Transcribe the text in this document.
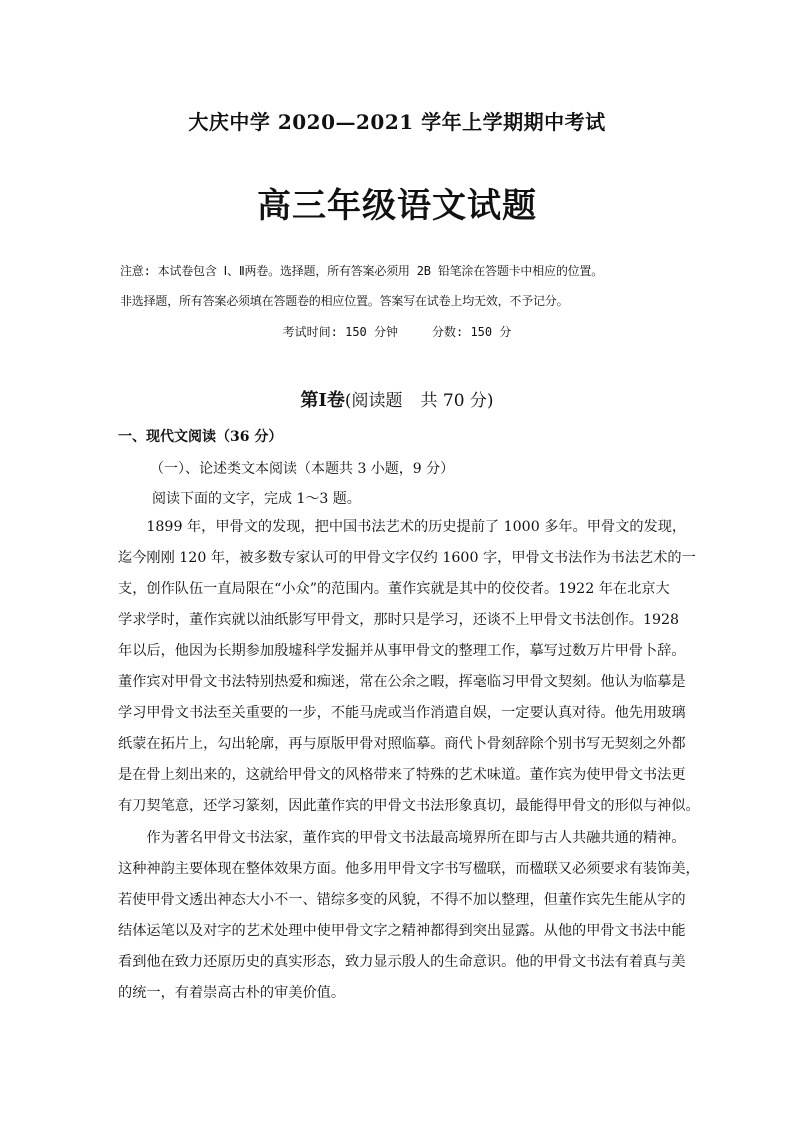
大庆中学 2020—2021 学年上学期期中考试
高三年级语文试题
注意: 本试卷包含 Ⅰ、Ⅱ两卷。选择题，所有答案必须用 2B 铅笔涂在答题卡中相应的位置。
非选择题，所有答案必须填在答题卷的相应位置。答案写在试卷上均无效，不予记分。
考试时间: 150 分钟	分数: 150 分
第Ⅰ卷(阅读题 共 70 分)
一、现代文阅读（36 分）
（一）、论述类文本阅读（本题共 3 小题，9 分）
阅读下面的文字，完成 1～3 题。
　　1899 年，甲骨文的发现，把中国书法艺术的历史提前了 1000 多年。甲骨文的发现，
迄今刚刚 120 年，被多数专家认可的甲骨文字仅约 1600 字，甲骨文书法作为书法艺术的一
支，创作队伍一直局限在“小众”的范围内。董作宾就是其中的佼佼者。1922 年在北京大
学求学时，董作宾就以油纸影写甲骨文，那时只是学习，还谈不上甲骨文书法创作。1928
年以后，他因为长期参加殷墟科学发掘并从事甲骨文的整理工作，摹写过数万片甲骨卜辞。
董作宾对甲骨文书法特别热爱和痴迷，常在公余之暇，挥毫临习甲骨文契刻。他认为临摹是
学习甲骨文书法至关重要的一步，不能马虎或当作消遣自娱，一定要认真对待。他先用玻璃
纸蒙在拓片上，勾出轮廓，再与原版甲骨对照临摹。商代卜骨刻辞除个别书写无契刻之外都
是在骨上刻出来的，这就给甲骨文的风格带来了特殊的艺术味道。董作宾为使甲骨文书法更
有刀契笔意，还学习篆刻，因此董作宾的甲骨文书法形象真切，最能得甲骨文的形似与神似。
　　作为著名甲骨文书法家，董作宾的甲骨文书法最高境界所在即与古人共融共通的精神。
这种神韵主要体现在整体效果方面。他多用甲骨文字书写楹联，而楹联又必须要求有装饰美，
若使甲骨文透出神态大小不一、错综多变的风貌，不得不加以整理，但董作宾先生能从字的
结体运笔以及对字的艺术处理中使甲骨文字之精神都得到突出显露。从他的甲骨文书法中能
看到他在致力还原历史的真实形态，致力显示殷人的生命意识。他的甲骨文书法有着真与美
的统一，有着崇高古朴的审美价值。
